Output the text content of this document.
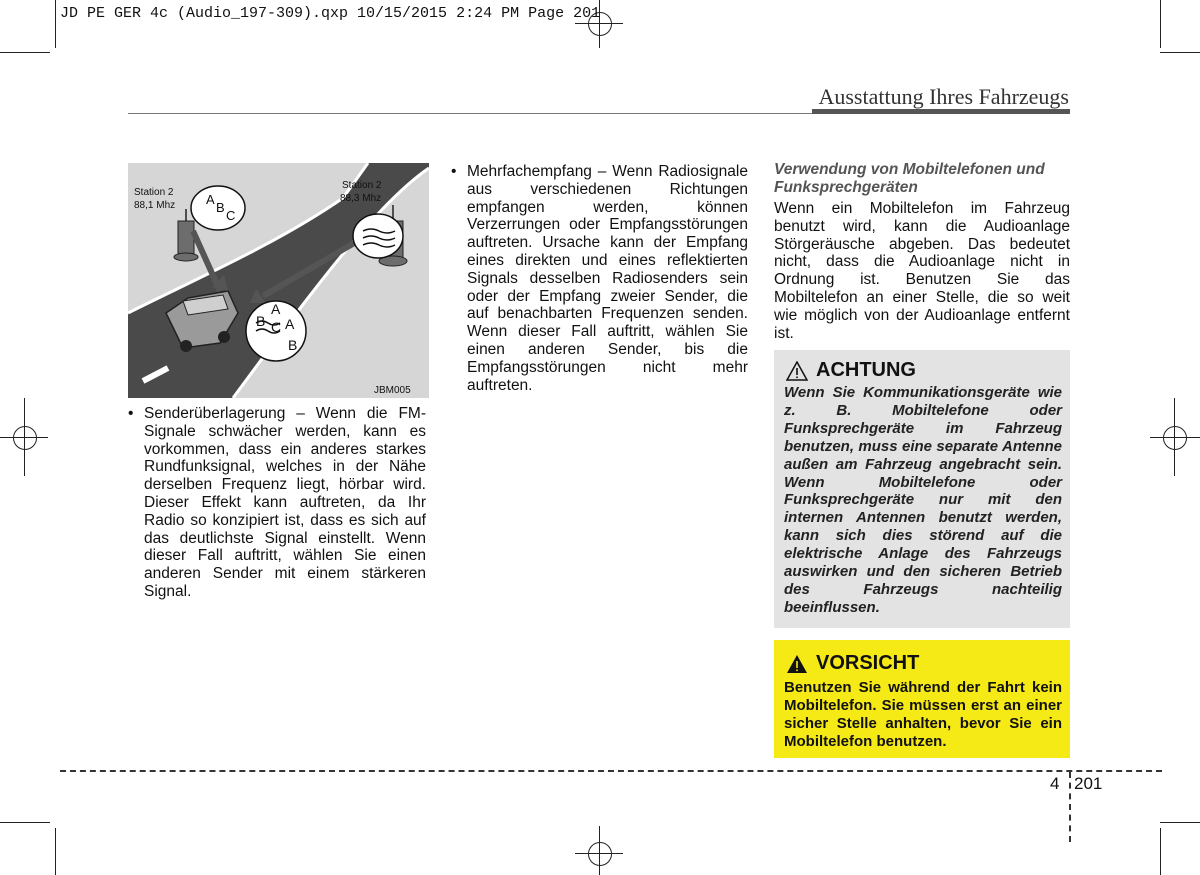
JD PE GER 4c (Audio_197-309).qxp 10/15/2015 2:24 PM Page 201
Ausstattung Ihres Fahrzeugs
Station 2
88,1 Mhz
Station 2
88,3 Mhz
A
B
C
A
B C A
B
JBM005
• Senderüberlagerung – Wenn die FM-Signale schwächer werden, kann es vorkommen, dass ein anderes starkes Rundfunksignal, welches in der Nähe derselben Frequenz liegt, hörbar wird. Dieser Effekt kann auftreten, da Ihr Radio so konzipiert ist, dass es sich auf das deutlichste Signal einstellt. Wenn dieser Fall auftritt, wählen Sie einen anderen Sender mit einem stärkeren Signal.
• Mehrfachempfang – Wenn Radiosignale aus verschiedenen Richtungen empfangen werden, können Verzerrungen oder Empfangsstörungen auftreten. Ursache kann der Empfang eines direkten und eines reflektierten Signals desselben Radiosenders sein oder der Empfang zweier Sender, die auf benachbarten Frequenzen senden. Wenn dieser Fall auftritt, wählen Sie einen anderen Sender, bis die Empfangsstörungen nicht mehr auftreten.
Verwendung von Mobiltelefonen und Funksprechgeräten
Wenn ein Mobiltelefon im Fahrzeug benutzt wird, kann die Audioanlage Störgeräusche abgeben. Das bedeutet nicht, dass die Audioanlage nicht in Ordnung ist. Benutzen Sie das Mobiltelefon an einer Stelle, die so weit wie möglich von der Audioanlage entfernt ist.
ACHTUNG
Wenn Sie Kommunikationsgeräte wie z. B. Mobiltelefone oder Funksprechgeräte im Fahrzeug benutzen, muss eine separate Antenne außen am Fahrzeug angebracht sein. Wenn Mobiltelefone oder Funksprechgeräte nur mit den internen Antennen benutzt werden, kann sich dies störend auf die elektrische Anlage des Fahrzeugs auswirken und den sicheren Betrieb des Fahrzeugs nachteilig beeinflussen.
VORSICHT
Benutzen Sie während der Fahrt kein Mobiltelefon. Sie müssen erst an einer sicher Stelle anhalten, bevor Sie ein Mobiltelefon benutzen.
4 201
